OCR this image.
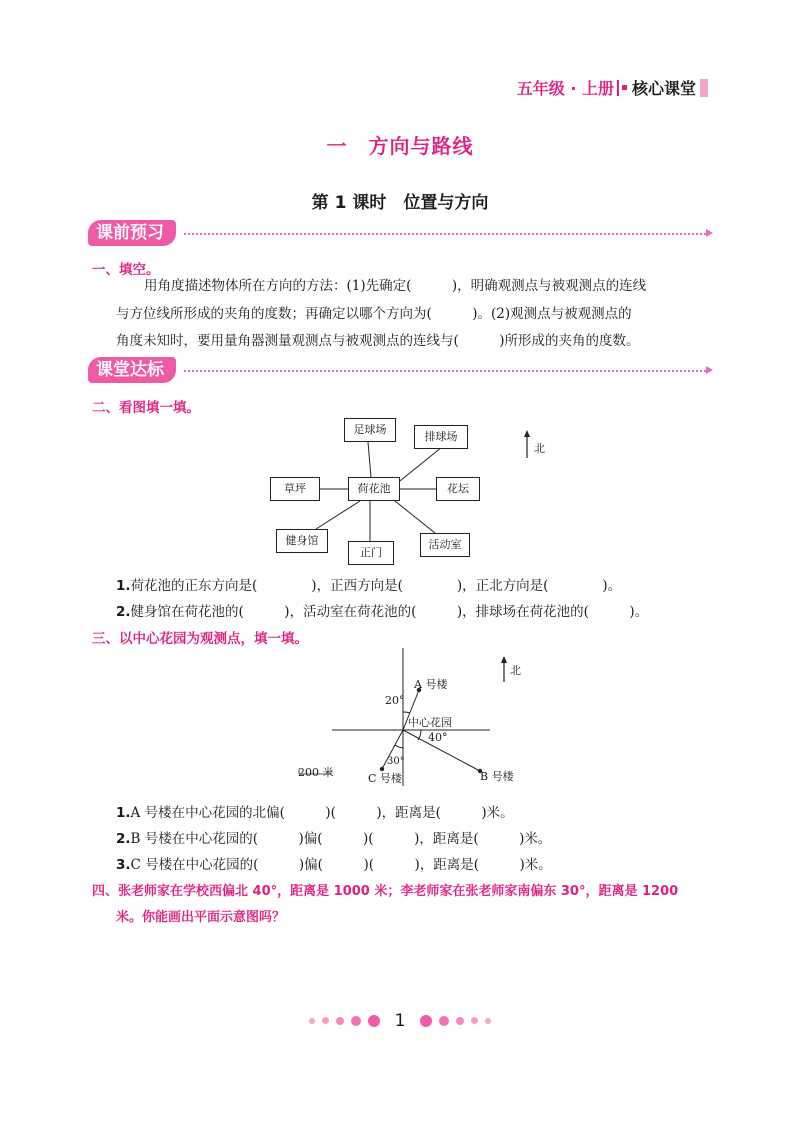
五年级 · 上册 核心课堂
一　方向与路线
第 1 课时　位置与方向
课前预习
一、填空。
用角度描述物体所在方向的方法：(1)先确定(　　　)，明确观测点与被观测点的连线
与方位线所形成的夹角的度数；再确定以哪个方向为(　　　)。(2)观测点与被观测点的
角度未知时，要用量角器测量观测点与被观测点的连线与(　　　)所形成的夹角的度数。
课堂达标
二、看图填一填。
足球场
排球场
草坪	荷花池	花坛
健身馆
正门
活动室
北
1.荷花池的正东方向是(　　　　)，正西方向是(　　　　)，正北方向是(　　　　)。
2.健身馆在荷花池的(　　　)，活动室在荷花池的(　　　)，排球场在荷花池的(　　　)。
三、以中心花园为观测点，填一填。
A 号楼
20°
中心花园
40°
30°
C 号楼	B 号楼
200 米
北
1.A 号楼在中心花园的北偏(　　　)(　　　)，距离是(　　　)米。
2.B 号楼在中心花园的(　　　)偏(　　　)(　　　)，距离是(　　　)米。
3.C 号楼在中心花园的(　　　)偏(　　　)(　　　)，距离是(　　　)米。
四、张老师家在学校西偏北 40°，距离是 1000 米；李老师家在张老师家南偏东 30°，距离是 1200
米。你能画出平面示意图吗？
1
